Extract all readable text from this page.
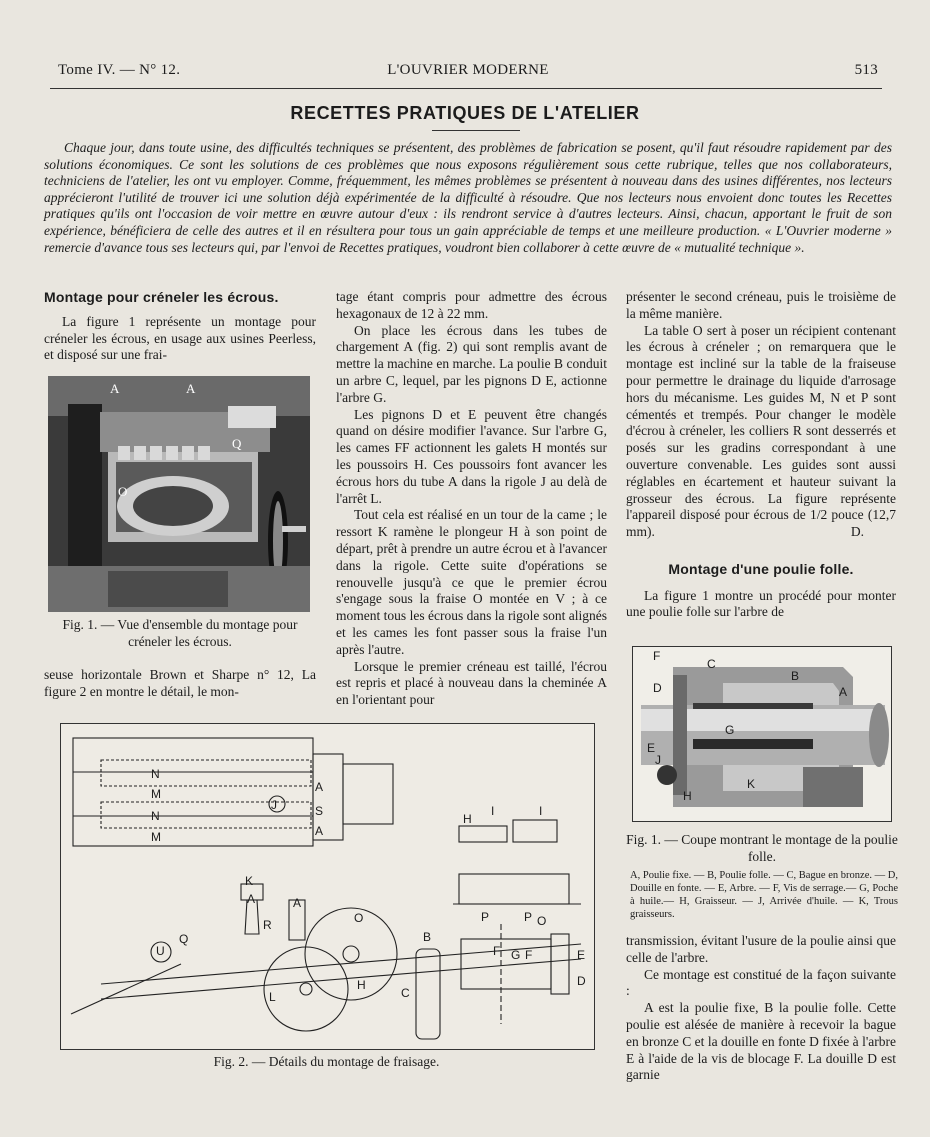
Tome IV. — N° 12.	L'OUVRIER MODERNE	513
RECETTES PRATIQUES DE L'ATELIER
Chaque jour, dans toute usine, des difficultés techniques se présentent, des problèmes de fabrication se posent, qu'il faut résoudre rapidement par des solutions économiques. Ce sont les solutions de ces problèmes que nous exposons régulièrement sous cette rubrique, telles que nos collaborateurs, techniciens de l'atelier, les ont vu employer. Comme, fréquemment, les mêmes problèmes se présentent à nouveau dans des usines différentes, nos lecteurs apprécieront l'utilité de trouver ici une solution déjà expérimentée de la difficulté à résoudre. Que nos lecteurs nous envoient donc toutes les Recettes pratiques qu'ils ont l'occasion de voir mettre en œuvre autour d'eux : ils rendront service à d'autres lecteurs. Ainsi, chacun, apportant le fruit de son expérience, bénéficiera de celle des autres et il en résultera pour tous un gain appréciable de temps et une meilleure production. « L'Ouvrier moderne » remercie d'avance tous ses lecteurs qui, par l'envoi de Recettes pratiques, voudront bien collaborer à cette œuvre de « mutualité technique ».
Montage pour créneler les écrous.

La figure 1 représente un montage pour créneler les écrous, en usage aux usines Peerless, et disposé sur une frai-

A	A
Q
O
Fig. 1. — Vue d'ensemble du montage pour créneler les écrous.

seuse horizontale Brown et Sharpe n° 12, La figure 2 en montre le détail, le mon-

tage étant compris pour admettre des écrous hexagonaux de 12 à 22 mm.

On place les écrous dans les tubes de chargement A (fig. 2) qui sont remplis avant de mettre la machine en marche. La poulie B conduit un arbre C, lequel, par les pignons D E, actionne l'arbre G.

Les pignons D et E peuvent être changés quand on désire modifier l'avance. Sur l'arbre G, les cames FF actionnent les galets H montés sur les poussoirs H. Ces poussoirs font avancer les écrous hors du tube A dans la rigole J au delà de l'arrêt L.

Tout cela est réalisé en un tour de la came ; le ressort K ramène le plongeur H à son point de départ, prêt à prendre un autre écrou et à l'avancer dans la rigole. Cette suite d'opérations se renouvelle jusqu'à ce que le premier écrou s'engage sous la fraise O montée en V ; à ce moment tous les écrous dans la rigole sont alignés et les cames les font passer sous la fraise l'un après l'autre.

Lorsque le premier créneau est taillé, l'écrou est repris et placé à nouveau dans la cheminée A en l'orientant pour

présenter le second créneau, puis le troisième de la même manière.

La table O sert à poser un récipient contenant les écrous à créneler ; on remarquera que le montage est incliné sur la table de la fraiseuse pour permettre le drainage du liquide d'arrosage hors du mécanisme. Les guides M, N et P sont cémentés et trempés. Pour changer le modèle d'écrou à créneler, les colliers R sont desserrés et posés sur les gradins correspondant à une ouverture convenable. Les guides sont aussi réglables en écartement et hauteur suivant la grosseur des écrous. La figure représente l'appareil disposé pour écrous de 1/2 pouce (12,7 mm).	D.

Montage d'une poulie folle.

La figure 1 montre un procédé pour monter une poulie folle sur l'arbre de

F
C
B
A
D
G
E
J
H
K
Fig. 1. — Coupe montrant le montage de la poulie folle.
A, Poulie fixe. — B, Poulie folle. — C, Bague en bronze. — D, Douille en fonte. — E, Arbre. — F, Vis de serrage.— G, Poche à huile.— H, Graisseur. — J, Arrivée d'huile. — K, Trous graisseurs.

transmission, évitant l'usure de la poulie ainsi que celle de l'arbre.

Ce montage est constitué de la façon suivante :

A est la poulie fixe, B la poulie folle. Cette poulie est alésée de manière à recevoir la bague en bronze C et la douille en fonte D fixée à l'arbre E à l'aide de la vis de blocage F. La douille D est garnie

N
M
N
M
A
S
A
J
H
I	I
K
A
R
A
Q
O	P	P O
B
F G F	E
D
C
H
L
U
Fig. 2. — Détails du montage de fraisage.
